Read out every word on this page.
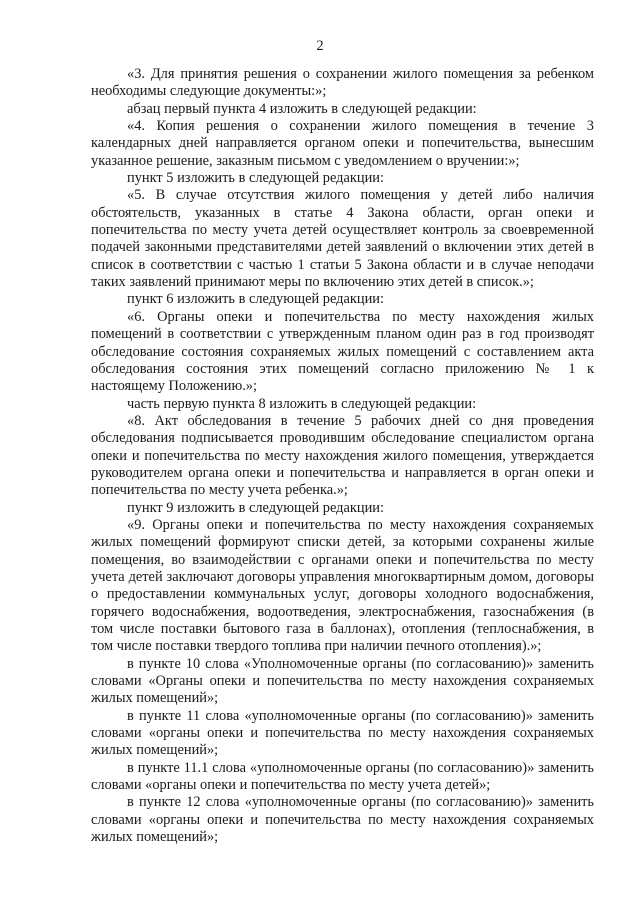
2

«3. Для принятия решения о сохранении жилого помещения за ребенком необходимы следующие документы:»;

абзац первый пункта 4 изложить в следующей редакции:

«4. Копия решения о сохранении жилого помещения в течение 3 календарных дней направляется органом опеки и попечительства, вынесшим указанное решение, заказным письмом с уведомлением о вручении:»;

пункт 5 изложить в следующей редакции:

«5. В случае отсутствия жилого помещения у детей либо наличия обстоятельств, указанных в статье 4 Закона области, орган опеки и попечительства по месту учета детей осуществляет контроль за своевременной подачей законными представителями детей заявлений о включении этих детей в список в соответствии с частью 1 статьи 5 Закона области и в случае неподачи таких заявлений принимают меры по включению этих детей в список.»;

пункт 6 изложить в следующей редакции:

«6. Органы опеки и попечительства по месту нахождения жилых помещений в соответствии с утвержденным планом один раз в год производят обследование состояния сохраняемых жилых помещений с составлением акта обследования состояния этих помещений согласно приложению № 1 к настоящему Положению.»;

часть первую пункта 8 изложить в следующей редакции:

«8. Акт обследования в течение 5 рабочих дней со дня проведения обследования подписывается проводившим обследование специалистом органа опеки и попечительства по месту нахождения жилого помещения, утверждается руководителем органа опеки и попечительства и направляется в орган опеки и попечительства по месту учета ребенка.»;

пункт 9 изложить в следующей редакции:

«9. Органы опеки и попечительства по месту нахождения сохраняемых жилых помещений формируют списки детей, за которыми сохранены жилые помещения, во взаимодействии с органами опеки и попечительства по месту учета детей заключают договоры управления многоквартирным домом, договоры о предоставлении коммунальных услуг, договоры холодного водоснабжения, горячего водоснабжения, водоотведения, электроснабжения, газоснабжения (в том числе поставки бытового газа в баллонах), отопления (теплоснабжения, в том числе поставки твердого топлива при наличии печного отопления).»;

в пункте 10 слова «Уполномоченные органы (по согласованию)» заменить словами «Органы опеки и попечительства по месту нахождения сохраняемых жилых помещений»;

в пункте 11 слова «уполномоченные органы (по согласованию)» заменить словами «органы опеки и попечительства по месту нахождения сохраняемых жилых помещений»;

в пункте 11.1 слова «уполномоченные органы (по согласованию)» заменить словами «органы опеки и попечительства по месту учета детей»;

в пункте 12 слова «уполномоченные органы (по согласованию)» заменить словами «органы опеки и попечительства по месту нахождения сохраняемых жилых помещений»;
